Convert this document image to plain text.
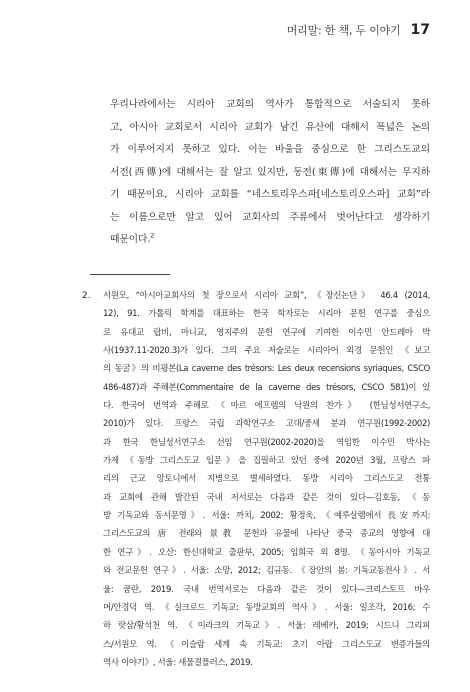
머리말: 한 책, 두 이야기 17
우리나라에서는 시리아 교회의 역사가 통합적으로 서술되지 못하
고, 아시아 교회로서 시리아 교회가 남긴 유산에 대해서 폭넓은 논의
가 이루어지지 못하고 있다. 이는 바울을 중심으로 한 그리스도교의
서전(西傳)에 대해서는 잘 알고 있지만, 동전(東傳)에 대해서는 무지하
기 때문이요, 시리아 교회를 “네스토리우스파[네스토리오스파] 교회”라
는 이름으로만 알고 있어 교회사의 주류에서 벗어난다고 생각하기
때문이다.$^2$
2. 서원모, “아시아교회사의 첫 장으로서 시리아 교회”, 《장신논단》 46.4 (2014,
12), 91. 가톨릭 학계를 대표하는 한국 학자로는 시리아 문헌 연구를 중심으
로 유대교 랍비, 마니교, 영지주의 문헌 연구에 기여한 이수민 안드레아 박
사(1937.11-2020.3)가 있다. 그의 주요 저술로는 시리아어 외경 문헌인 《보고
의 동굴》의 비평본(La caverne des trésors: Les deux recensions syriaques, CSCO
486-487)과 주해본(Commentaire de la caverne des trésors, CSCO 581)이 있
다. 한국어 번역과 주해로 《마르 에프렘의 낙원의 찬가》 (한님성서연구소,
2010)가 있다. 프랑스 국립 과학연구소 고대/중세 분과 연구원(1992-2002)
과 한국 한님성서연구소 선임 연구원(2002-2020)을 역임한 이수민 박사는
가제 《동방 그리스도교 입문》을 집필하고 있던 중에 2020년 3월, 프랑스 파
리의 근교 앙토니에서 지병으로 별세하였다. 동방 시리아 그리스도교 전통
과 교회에 관해 발간된 국내 저서로는 다음과 같은 것이 있다—김호동, 《동
방 기독교와 동서문명》. 서울: 까치, 2002; 황정욱, 《예루살렘에서 長安까지:
그리스도교의 唐 전래와 景教 문헌과 유물에 나타난 중국 종교의 영향에 대
한 연구》. 오산: 한신대학교 출판부, 2005; 임희국 외 8명. 《동아시아 기독교
와 전교문헌 연구》. 서울: 소망, 2012; 김규동. 《장안의 봄: 기독교동전사》. 서
울: 쿰란, 2019. 국내 번역서로는 다음과 같은 것이 있다—크리스토프 바우
머/안경덕 역. 《실크로드 기독교: 동방교회의 역사》. 서울: 일조각, 2016; 수
하 랏삼/황석천 역. 《이라크의 기독교》. 서울: 레베카, 2019; 시드니 그리피
스/서원모 역. 《이슬람 세계 속 기독교: 초기 아랍 그리스도교 변증가들의
역사 이야기》, 서울: 새물결플러스, 2019.
